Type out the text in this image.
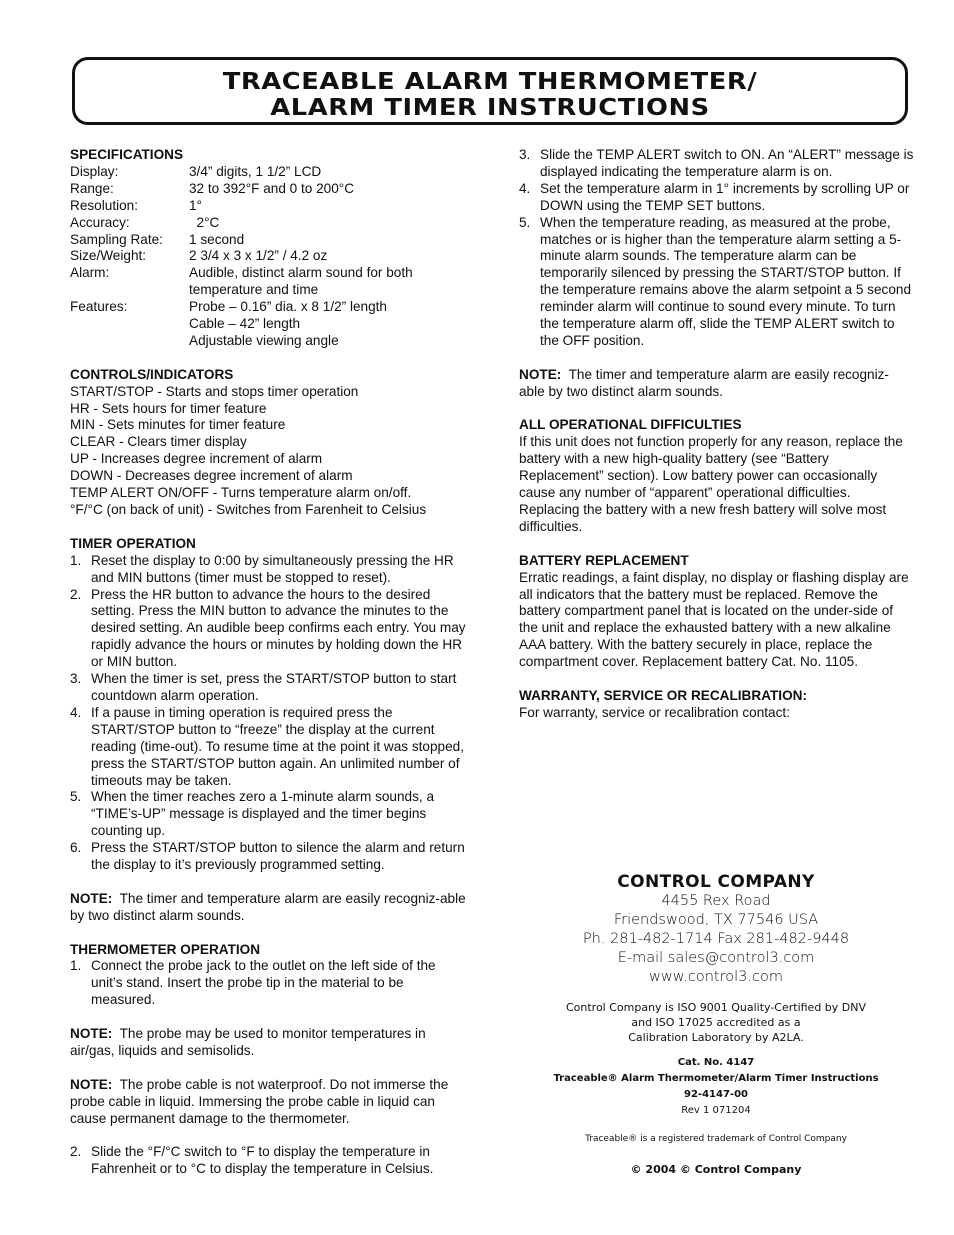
TRACEABLE ALARM THERMOMETER/
ALARM TIMER INSTRUCTIONS

SPECIFICATIONS

Display:	3/4” digits, 1 1/2” LCD
Range:	32 to 392°F and 0 to 200°C
Resolution:	1°
Accuracy:	2°C
Sampling Rate:	1 second
Size/Weight:	2 3/4 x 3 x 1/2” / 4.2 oz
Alarm:	Audible, distinct alarm sound for both temperature and time
Features:	Probe – 0.16” dia. x 8 1/2” length
Cable – 42” length
Adjustable viewing angle

CONTROLS/INDICATORS

START/STOP - Starts and stops timer operation

HR - Sets hours for timer feature

MIN - Sets minutes for timer feature

CLEAR - Clears timer display

UP - Increases degree increment of alarm

DOWN - Decreases degree increment of alarm

TEMP ALERT ON/OFF - Turns temperature alarm on/off.

°F/°C (on back of unit) - Switches from Farenheit to Celsius

TIMER OPERATION

1. Reset the display to 0:00 by simultaneously pressing the HR and MIN buttons (timer must be stopped to reset).
2. Press the HR button to advance the hours to the desired setting. Press the MIN button to advance the minutes to the desired setting. An audible beep confirms each entry. You may rapidly advance the hours or minutes by holding down the HR or MIN button.
3. When the timer is set, press the START/STOP button to start countdown alarm operation.
4. If a pause in timing operation is required press the START/STOP button to “freeze” the display at the current reading (time-out). To resume time at the point it was stopped, press the START/STOP button again. An unlimited number of timeouts may be taken.
5. When the timer reaches zero a 1-minute alarm sounds, a “TIME’s-UP” message is displayed and the timer begins counting up.
6. Press the START/STOP button to silence the alarm and return the display to it’s previously programmed setting.

NOTE: The timer and temperature alarm are easily recogniz-able by two distinct alarm sounds.

THERMOMETER OPERATION

1. Connect the probe jack to the outlet on the left side of the unit’s stand. Insert the probe tip in the material to be measured.

NOTE: The probe may be used to monitor temperatures in air/gas, liquids and semisolids.

NOTE: The probe cable is not waterproof. Do not immerse the probe cable in liquid. Immersing the probe cable in liquid can cause permanent damage to the thermometer.

2. Slide the °F/°C switch to °F to display the temperature in Fahrenheit or to °C to display the temperature in Celsius.
3. Slide the TEMP ALERT switch to ON. An “ALERT” message is displayed indicating the temperature alarm is on.
4. Set the temperature alarm in 1° increments by scrolling UP or DOWN using the TEMP SET buttons.
5. When the temperature reading, as measured at the probe, matches or is higher than the temperature alarm setting a 5-minute alarm sounds. The temperature alarm can be temporarily silenced by pressing the START/STOP button. If the temperature remains above the alarm setpoint a 5 second reminder alarm will continue to sound every minute. To turn the temperature alarm off, slide the TEMP ALERT switch to the OFF position.

NOTE: The timer and temperature alarm are easily recogniz-able by two distinct alarm sounds.

ALL OPERATIONAL DIFFICULTIES

If this unit does not function properly for any reason, replace the battery with a new high-quality battery (see “Battery Replacement” section). Low battery power can occasionally cause any number of “apparent” operational difficulties. Replacing the battery with a new fresh battery will solve most difficulties.

BATTERY REPLACEMENT

Erratic readings, a faint display, no display or flashing display are all indicators that the battery must be replaced. Remove the battery compartment panel that is located on the under-side of the unit and replace the exhausted battery with a new alkaline AAA battery. With the battery securely in place, replace the compartment cover. Replacement battery Cat. No. 1105.

WARRANTY, SERVICE OR RECALIBRATION:

For warranty, service or recalibration contact:

CONTROL COMPANY
4455 Rex Road
Friendswood, TX 77546 USA
Ph. 281-482-1714 Fax 281-482-9448
E-mail sales@control3.com
www.control3.com
Control Company is ISO 9001 Quality-Certified by DNV
and ISO 17025 accredited as a
Calibration Laboratory by A2LA.
Cat. No. 4147
Traceable® Alarm Thermometer/Alarm Timer Instructions
92-4147-00
Rev 1 071204
Traceable® is a registered trademark of Control Company
© 2004 © Control Company
